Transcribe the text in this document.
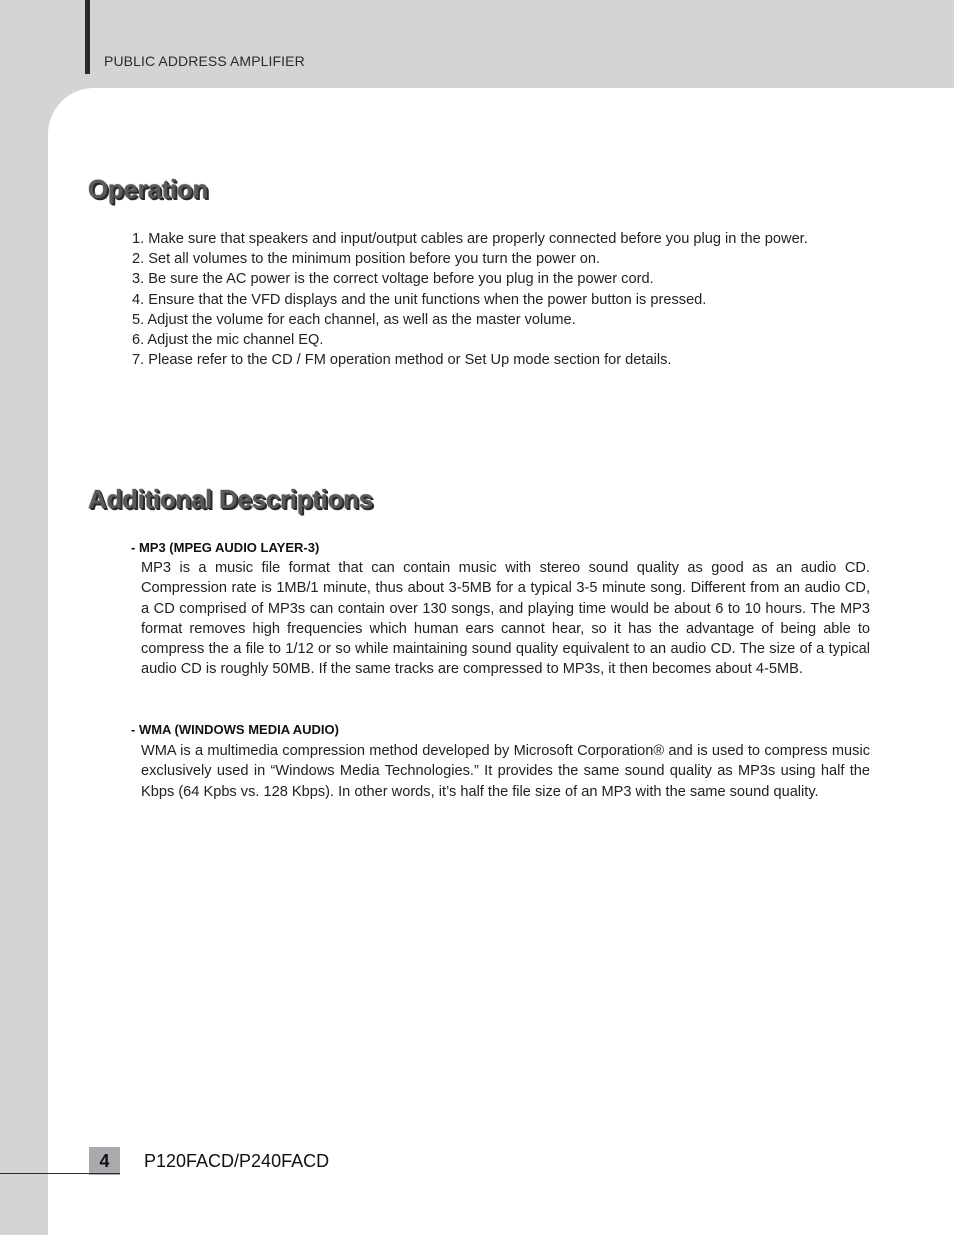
PUBLIC ADDRESS AMPLIFIER
Operation
1. Make sure that speakers and input/output cables are properly connected before you plug in the power.
2. Set all volumes to the minimum position before you turn the power on.
3. Be sure the AC power is the correct voltage before you plug in the power cord.
4. Ensure that the VFD displays and the unit functions when the power button is pressed.
5. Adjust the volume for each channel, as well as the master volume.
6. Adjust the mic channel EQ.
7. Please refer to the CD / FM operation method or Set Up mode section for details.
Additional Descriptions
- MP3 (MPEG AUDIO LAYER-3)

MP3 is a music file format that can contain music with stereo sound quality as good as an audio CD. Compression rate is 1MB/1 minute, thus about 3-5MB for a typical 3-5 minute song. Different from an audio CD, a CD comprised of MP3s can contain over 130 songs, and playing time would be about 6 to 10 hours. The MP3 format removes high frequencies which human ears cannot hear, so it has the advantage of being able to compress the a file to 1/12 or so while maintaining sound quality equivalent to an audio CD. The size of a typical audio CD is roughly 50MB. If the same tracks are compressed to MP3s, it then becomes about 4-5MB.

- WMA (WINDOWS MEDIA AUDIO)

WMA is a multimedia compression method developed by Microsoft Corporation® and is used to compress music exclusively used in “Windows Media Technologies.” It provides the same sound quality as MP3s using half the Kbps (64 Kpbs vs. 128 Kbps). In other words, it’s half the file size of an MP3 with the same sound quality.

4	P120FACD/P240FACD
